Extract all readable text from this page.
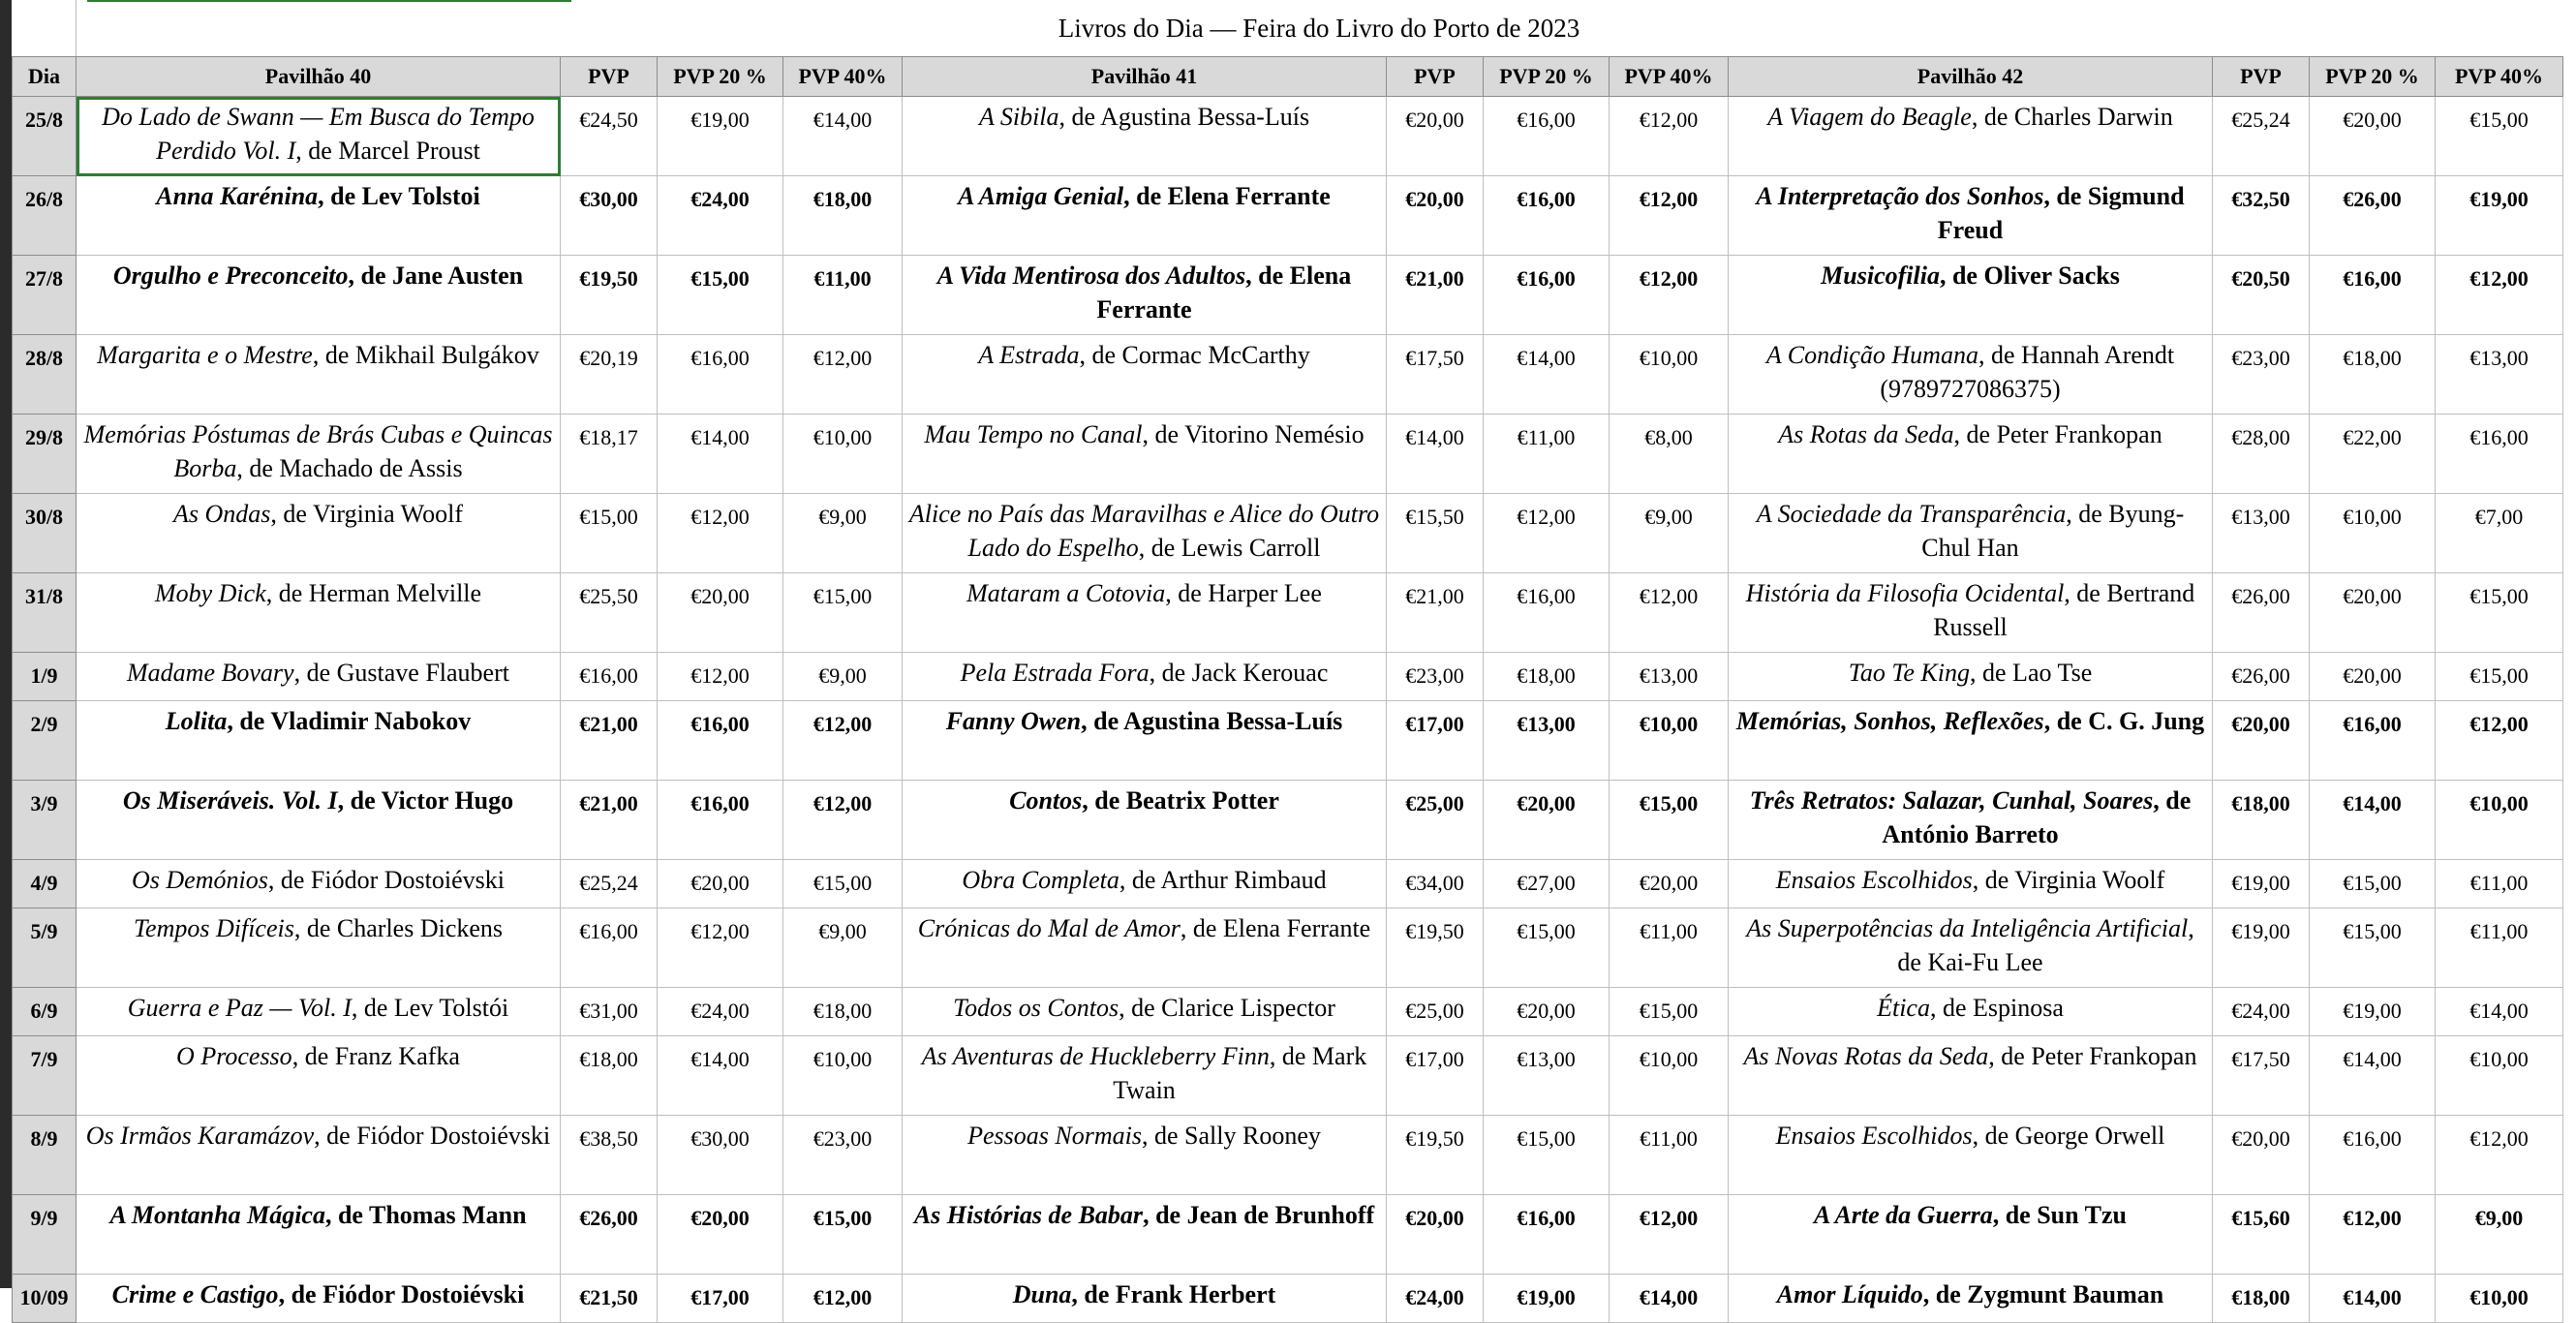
Livros do Dia — Feira do Livro do Porto de 2023
Dia	Pavilhão 40	PVP	PVP 20 %	PVP 40%	Pavilhão 41	PVP	PVP 20 %	PVP 40%	Pavilhão 42	PVP	PVP 20 %	PVP 40%
25/8	Do Lado de Swann — Em Busca do Tempo Perdido Vol. I, de Marcel Proust	€24,50	€19,00	€14,00	A Sibila, de Agustina Bessa-Luís	€20,00	€16,00	€12,00	A Viagem do Beagle, de Charles Darwin	€25,24	€20,00	€15,00
26/8	Anna Karénina, de Lev Tolstoi	€30,00	€24,00	€18,00	A Amiga Genial, de Elena Ferrante	€20,00	€16,00	€12,00	A Interpretação dos Sonhos, de Sigmund Freud	€32,50	€26,00	€19,00
27/8	Orgulho e Preconceito, de Jane Austen	€19,50	€15,00	€11,00	A Vida Mentirosa dos Adultos, de Elena Ferrante	€21,00	€16,00	€12,00	Musicofilia, de Oliver Sacks	€20,50	€16,00	€12,00
28/8	Margarita e o Mestre, de Mikhail Bulgákov	€20,19	€16,00	€12,00	A Estrada, de Cormac McCarthy	€17,50	€14,00	€10,00	A Condição Humana, de Hannah Arendt (9789727086375)	€23,00	€18,00	€13,00
29/8	Memórias Póstumas de Brás Cubas e Quincas Borba, de Machado de Assis	€18,17	€14,00	€10,00	Mau Tempo no Canal, de Vitorino Nemésio	€14,00	€11,00	€8,00	As Rotas da Seda, de Peter Frankopan	€28,00	€22,00	€16,00
30/8	As Ondas, de Virginia Woolf	€15,00	€12,00	€9,00	Alice no País das Maravilhas e Alice do Outro Lado do Espelho, de Lewis Carroll	€15,50	€12,00	€9,00	A Sociedade da Transparência, de Byung-Chul Han	€13,00	€10,00	€7,00
31/8	Moby Dick, de Herman Melville	€25,50	€20,00	€15,00	Mataram a Cotovia, de Harper Lee	€21,00	€16,00	€12,00	História da Filosofia Ocidental, de Bertrand Russell	€26,00	€20,00	€15,00
1/9	Madame Bovary, de Gustave Flaubert	€16,00	€12,00	€9,00	Pela Estrada Fora, de Jack Kerouac	€23,00	€18,00	€13,00	Tao Te King, de Lao Tse	€26,00	€20,00	€15,00
2/9	Lolita, de Vladimir Nabokov	€21,00	€16,00	€12,00	Fanny Owen, de Agustina Bessa-Luís	€17,00	€13,00	€10,00	Memórias, Sonhos, Reflexões, de C. G. Jung	€20,00	€16,00	€12,00
3/9	Os Miseráveis. Vol. I, de Victor Hugo	€21,00	€16,00	€12,00	Contos, de Beatrix Potter	€25,00	€20,00	€15,00	Três Retratos: Salazar, Cunhal, Soares, de António Barreto	€18,00	€14,00	€10,00
4/9	Os Demónios, de Fiódor Dostoiévski	€25,24	€20,00	€15,00	Obra Completa, de Arthur Rimbaud	€34,00	€27,00	€20,00	Ensaios Escolhidos, de Virginia Woolf	€19,00	€15,00	€11,00
5/9	Tempos Difíceis, de Charles Dickens	€16,00	€12,00	€9,00	Crónicas do Mal de Amor, de Elena Ferrante	€19,50	€15,00	€11,00	As Superpotências da Inteligência Artificial, de Kai-Fu Lee	€19,00	€15,00	€11,00
6/9	Guerra e Paz — Vol. I, de Lev Tolstói	€31,00	€24,00	€18,00	Todos os Contos, de Clarice Lispector	€25,00	€20,00	€15,00	Ética, de Espinosa	€24,00	€19,00	€14,00
7/9	O Processo, de Franz Kafka	€18,00	€14,00	€10,00	As Aventuras de Huckleberry Finn, de Mark Twain	€17,00	€13,00	€10,00	As Novas Rotas da Seda, de Peter Frankopan	€17,50	€14,00	€10,00
8/9	Os Irmãos Karamázov, de Fiódor Dostoiévski	€38,50	€30,00	€23,00	Pessoas Normais, de Sally Rooney	€19,50	€15,00	€11,00	Ensaios Escolhidos, de George Orwell	€20,00	€16,00	€12,00
9/9	A Montanha Mágica, de Thomas Mann	€26,00	€20,00	€15,00	As Histórias de Babar, de Jean de Brunhoff	€20,00	€16,00	€12,00	A Arte da Guerra, de Sun Tzu	€15,60	€12,00	€9,00
10/09	Crime e Castigo, de Fiódor Dostoiévski	€21,50	€17,00	€12,00	Duna, de Frank Herbert	€24,00	€19,00	€14,00	Amor Líquido, de Zygmunt Bauman	€18,00	€14,00	€10,00
